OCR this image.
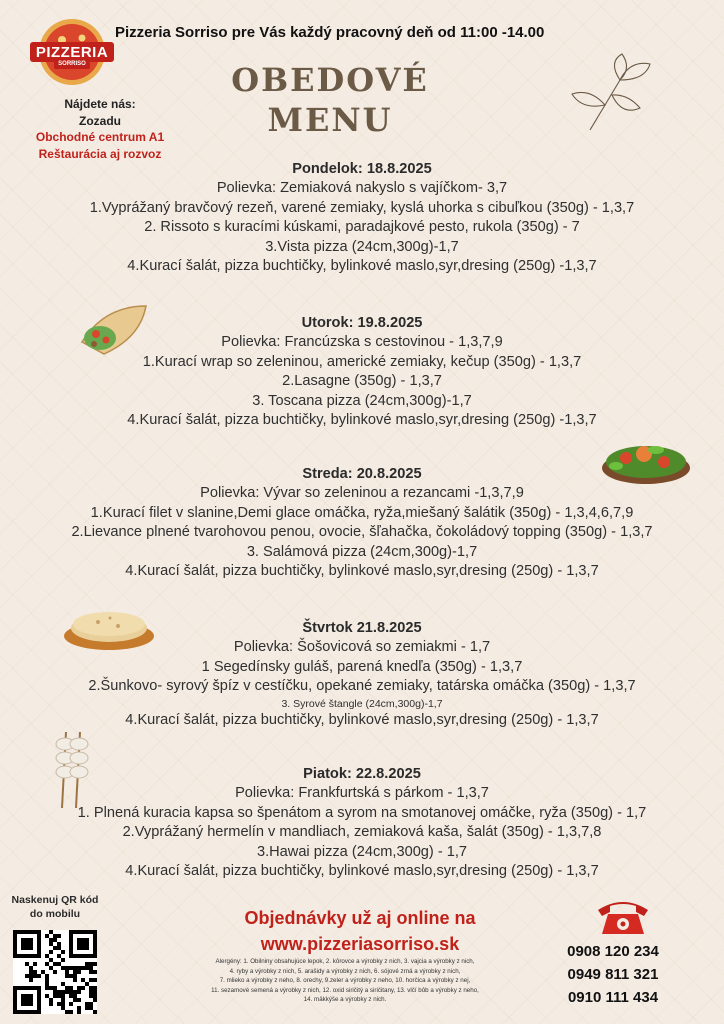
PIZZERIA
SORRISO
Pizzeria Sorriso pre Vás každý pracovný deň od 11:00 -14.00
OBEDOVÉ
MENU
Nájdete nás:
Zozadu
Obchodné centrum A1
Reštaurácia aj rozvoz
Pondelok: 18.8.2025
Polievka: Zemiaková nakyslo s vajíčkom- 3,7
1.Vyprážaný bravčový rezeň, varené zemiaky, kyslá uhorka s cibuľkou (350g) - 1,3,7
2. Rissoto s kuracími kúskami, paradajkové pesto, rukola (350g) - 7
3.Vista pizza (24cm,300g)-1,7
4.Kurací šalát, pizza buchtičky, bylinkové maslo,syr,dresing (250g) -1,3,7
Utorok: 19.8.2025
Polievka: Francúzska s cestovinou - 1,3,7,9
1.Kurací wrap so zeleninou, americké zemiaky, kečup (350g) - 1,3,7
2.Lasagne (350g) - 1,3,7
3. Toscana pizza (24cm,300g)-1,7
4.Kurací šalát, pizza buchtičky, bylinkové maslo,syr,dresing (250g) -1,3,7
Streda: 20.8.2025
Polievka: Vývar so zeleninou a rezancami -1,3,7,9
1.Kurací filet v slanine,Demi glace omáčka, ryža,miešaný šalátik (350g) - 1,3,4,6,7,9
2.Lievance plnené tvarohovou penou, ovocie, šľahačka, čokoládový topping (350g) - 1,3,7
3. Salámová pizza (24cm,300g)-1,7
4.Kurací šalát, pizza buchtičky, bylinkové maslo,syr,dresing (250g) - 1,3,7
Štvrtok 21.8.2025
Polievka: Šošovicová so zemiakmi - 1,7
1 Segedínsky guláš, parená knedľa (350g) - 1,3,7
2.Šunkovo- syrový špíz v cestíčku, opekané zemiaky, tatárska omáčka (350g) - 1,3,7
3. Syrové štangle (24cm,300g)-1,7
4.Kurací šalát, pizza buchtičky, bylinkové maslo,syr,dresing (250g) - 1,3,7
Piatok: 22.8.2025
Polievka: Frankfurtská s párkom - 1,3,7
1. Plnená kuracia kapsa so špenátom a syrom na smotanovej omáčke, ryža (350g) - 1,7
2.Vyprážaný hermelín v mandliach, zemiaková kaša, šalát (350g) - 1,3,7,8
3.Hawai pizza (24cm,300g) - 1,7
4.Kurací šalát, pizza buchtičky, bylinkové maslo,syr,dresing (250g) - 1,3,7
Naskenuj QR kód
do mobilu	Objednávky už aj online na
www.pizzeriasorriso.sk
Alergény: 1. Obilniny obsahujúce lepok, 2. kôrovce a výrobky z nich, 3. vajcia a výrobky z nich,
4. ryby a výrobky z nich, 5. arašidy a výrobky z nich, 6. sójové zrná a výrobky z nich,
7. mlieko a výrobky z neho, 8. orechy, 9.zeler a výrobky z neho, 10. horčica a výrobky z nej,
11. sezamové semená a výrobky z nich, 12. oxid siričitý a siričitany, 13. vlčí bôb a výrobky z neho,
14. mäkkýše a výrobky z nich.
0908 120 234
0949 811 321
0910 111 434
